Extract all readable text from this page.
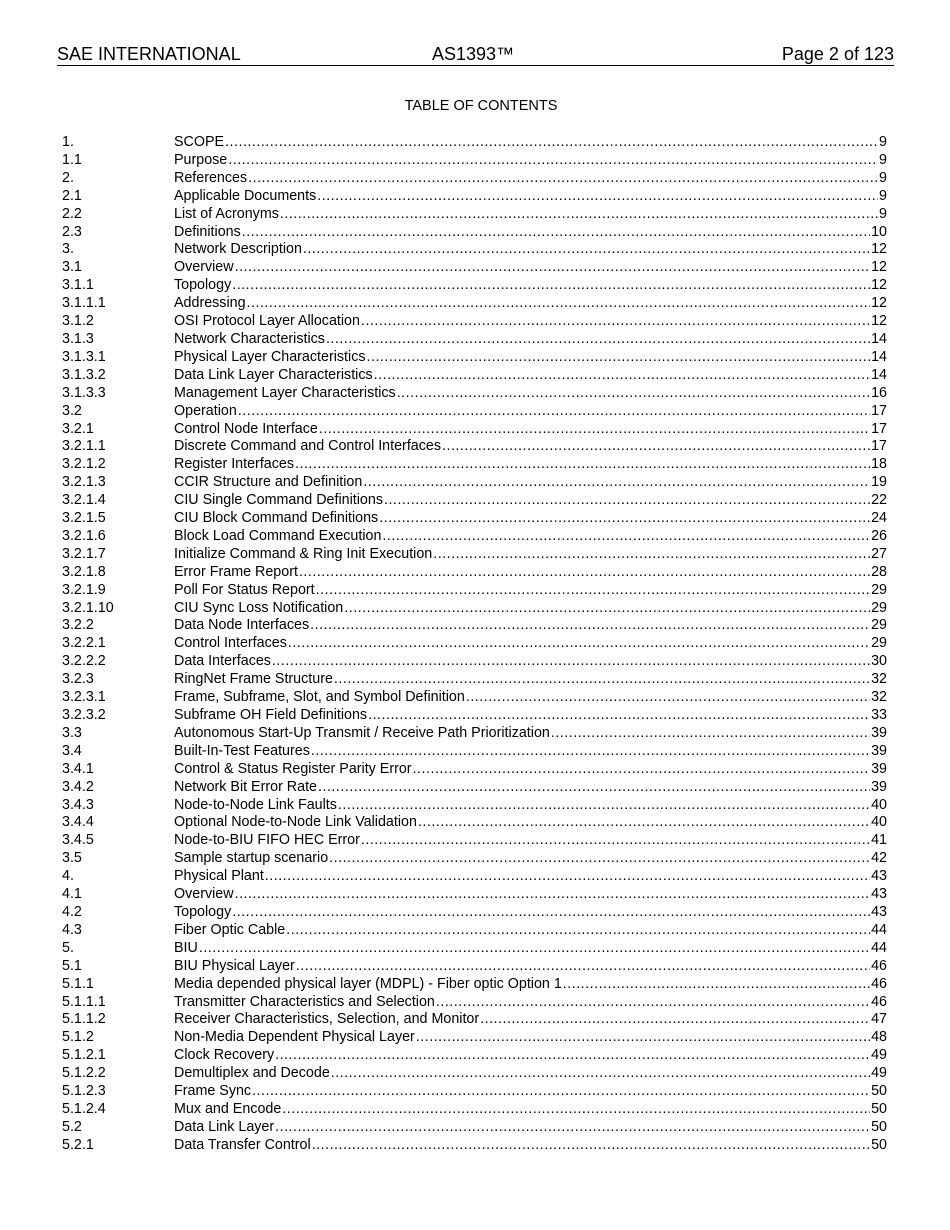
SAE INTERNATIONAL	AS1393™	Page 2 of 123
TABLE OF CONTENTS
1.	SCOPE .....	9
1.1	Purpose .....	9
2.	References .....	9
2.1	Applicable Documents .....	9
2.2	List of Acronyms .....	9
2.3	Definitions .....	10
3.	Network Description .....	12
3.1	Overview .....	12
3.1.1	Topology .....	12
3.1.1.1	Addressing .....	12
3.1.2	OSI Protocol Layer Allocation .....	12
3.1.3	Network Characteristics .....	14
3.1.3.1	Physical Layer Characteristics .....	14
3.1.3.2	Data Link Layer Characteristics .....	14
3.1.3.3	Management Layer Characteristics .....	16
3.2	Operation .....	17
3.2.1	Control Node Interface .....	17
3.2.1.1	Discrete Command and Control Interfaces .....	17
3.2.1.2	Register Interfaces .....	18
3.2.1.3	CCIR Structure and Definition .....	19
3.2.1.4	CIU Single Command Definitions .....	22
3.2.1.5	CIU Block Command Definitions .....	24
3.2.1.6	Block Load Command Execution .....	26
3.2.1.7	Initialize Command & Ring Init Execution .....	27
3.2.1.8	Error Frame Report .....	28
3.2.1.9	Poll For Status Report .....	29
3.2.1.10	CIU Sync Loss Notification .....	29
3.2.2	Data Node Interfaces .....	29
3.2.2.1	Control Interfaces .....	29
3.2.2.2	Data Interfaces .....	30
3.2.3	RingNet Frame Structure .....	32
3.2.3.1	Frame, Subframe, Slot, and Symbol Definition .....	32
3.2.3.2	Subframe OH Field Definitions .....	33
3.3	Autonomous Start-Up Transmit / Receive Path Prioritization .....	39
3.4	Built-In-Test Features .....	39
3.4.1	Control & Status Register Parity Error .....	39
3.4.2	Network Bit Error Rate .....	39
3.4.3	Node-to-Node Link Faults .....	40
3.4.4	Optional Node-to-Node Link Validation .....	40
3.4.5	Node-to-BIU FIFO HEC Error .....	41
3.5	Sample startup scenario .....	42
4.	Physical Plant .....	43
4.1	Overview .....	43
4.2	Topology .....	43
4.3	Fiber Optic Cable .....	44
5.	BIU .....	44
5.1	BIU Physical Layer .....	46
5.1.1	Media depended physical layer (MDPL) - Fiber optic Option 1 .....	46
5.1.1.1	Transmitter Characteristics and Selection .....	46
5.1.1.2	Receiver Characteristics, Selection, and Monitor .....	47
5.1.2	Non-Media Dependent Physical Layer .....	48
5.1.2.1	Clock Recovery .....	49
5.1.2.2	Demultiplex and Decode .....	49
5.1.2.3	Frame Sync .....	50
5.1.2.4	Mux and Encode .....	50
5.2	Data Link Layer .....	50
5.2.1	Data Transfer Control .....	50
